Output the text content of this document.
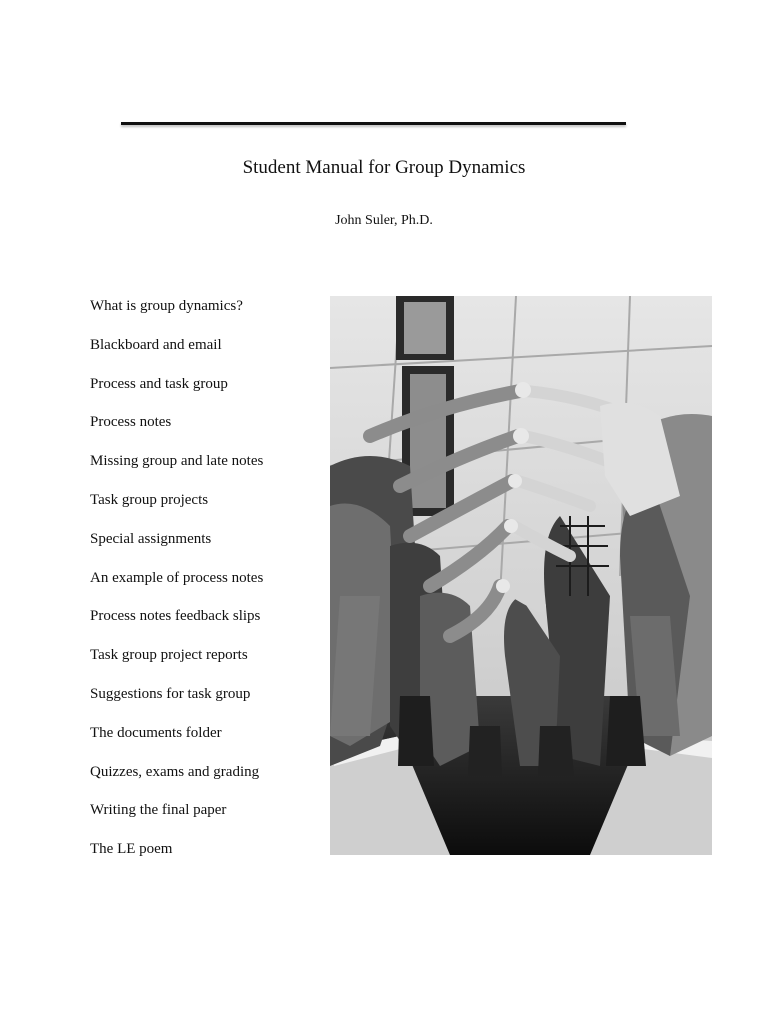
Student Manual for Group Dynamics
John Suler, Ph.D.
What is group dynamics?
Blackboard and email
Process and task group
Process notes
Missing group and late notes
Task group projects
Special assignments
An example of process notes
Process notes feedback slips
Task group project reports
Suggestions for task group
The documents folder
Quizzes, exams and grading
Writing the final paper
The LE poem
